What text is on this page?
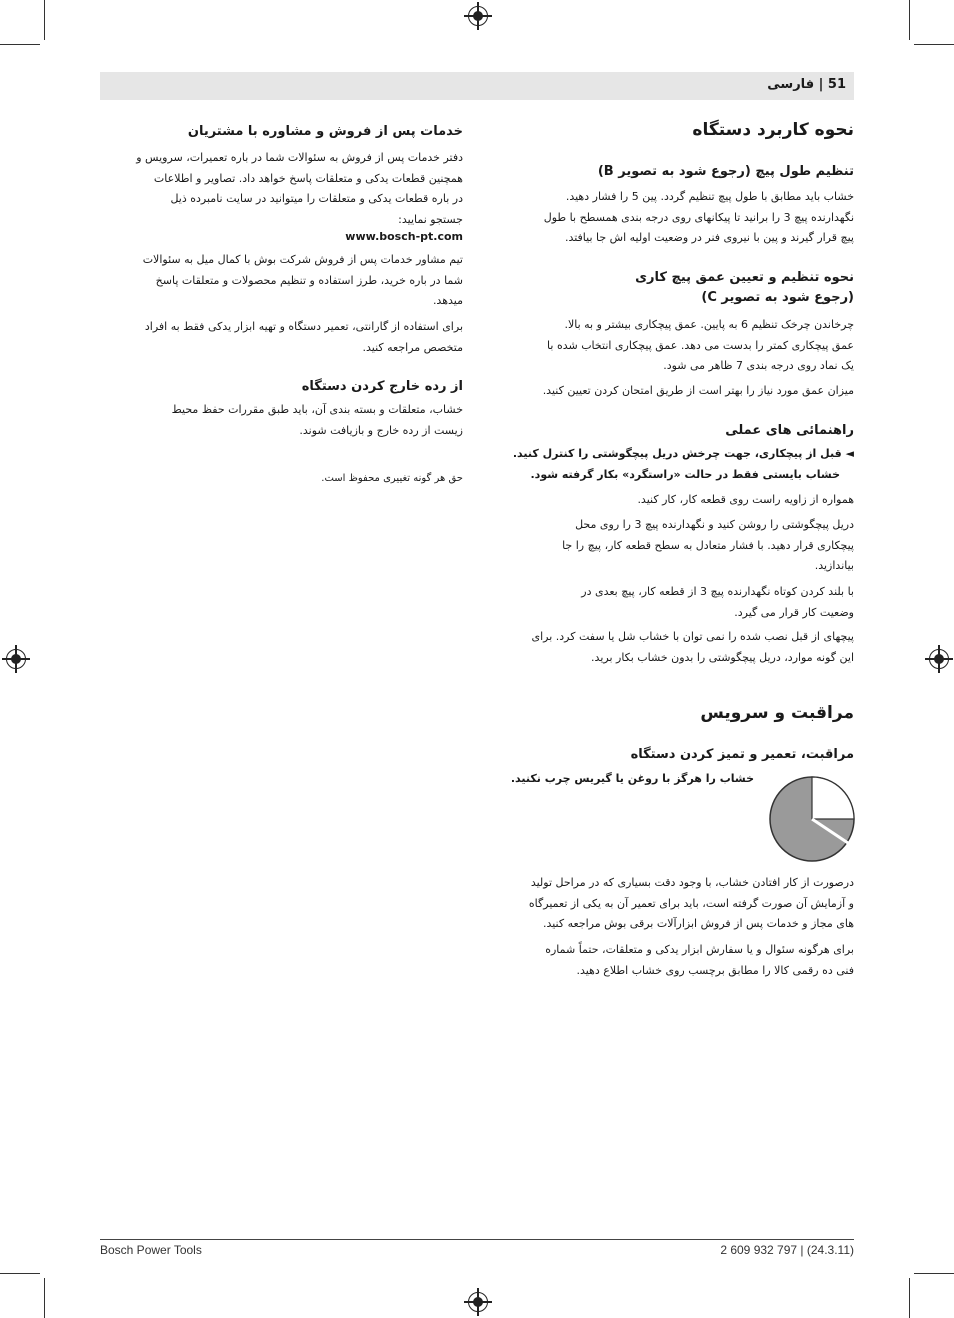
51 | فارسی
نحوه کاربرد دستگاه
تنظیم طول پیچ (رجوع شود به تصویر B)
خشاب باید مطابق با طول پیچ تنظیم گردد. پین 5 را فشار دهید.
نگهدارنده پیچ 3 را برانید تا پیکانهای روی درجه بندی همسطح با طول
پیچ قرار گیرند و پین با نیروی فنر در وضعیت اولیه اش جا بیافتد.
نحوه تنظیم و تعیین عمق پیچ کاری
(رجوع شود به تصویر C)
چرخاندن چرخک تنظیم 6 به پایین. عمق پیچکاری بیشتر و به بالا.
عمق پیچکاری کمتر را بدست می دهد. عمق پیچکاری انتخاب شده با
یک نماد روی درجه بندی 7 ظاهر می شود.
میزان عمق مورد نیاز را بهتر است از طریق امتحان کردن تعیین کنید.
راهنمائی های عملی
◄ قبل از پیچکاری، جهت چرخش دریل پیچگوشتی را کنترل کنید.
خشاب بایستی فقط در حالت «راستگرد» بکار گرفته شود.
همواره از زاویه راست روی قطعه کار، کار کنید.
دریل پیچگوشتی را روشن کنید و نگهدارنده پیچ 3 را روی محل
پیچکاری قرار دهید. با فشار متعادل به سطح قطعه کار، پیچ را جا
بیاندازید.
با بلند کردن کوتاه نگهدارنده پیچ 3 از قطعه کار، پیچ بعدی در
وضعیت کار قرار می گیرد.
پیچهای از قبل نصب شده را نمی توان با خشاب شل یا سفت کرد. برای
این گونه موارد، دریل پیچگوشتی را بدون خشاب بکار برید.
مراقبت و سرویس
مراقبت، تعمیر و تمیز کردن دستگاه
خشاب را هرگز با روغن یا گیریس چرب نکنید.
درصورت از کار افتادن خشاب، با وجود دقت بسیاری که در مراحل تولید
و آزمایش آن صورت گرفته است، باید برای تعمیر آن به یکی از تعمیرگاه
های مجاز و خدمات پس از فروش ابزارآلات برقی بوش مراجعه کنید.
برای هرگونه سئوال و یا سفارش ابزار یدکی و متعلقات، حتماً شماره
فنی ده رقمی کالا را مطابق برچسب روی خشاب اطلاع دهید.
خدمات پس از فروش و مشاوره با مشتریان
دفتر خدمات پس از فروش به سئوالات شما در باره تعمیرات، سرویس و
همچنین قطعات یدکی و متعلقات پاسخ خواهد داد. تصاویر و اطلاعات
در باره قطعات یدکی و متعلقات را میتوانید در سایت نامبرده ذیل
جستجو نمایید:
www.bosch-pt.com
تیم مشاور خدمات پس از فروش شرکت بوش با کمال میل به سئوالات
شما در باره خرید، طرز استفاده و تنظیم محصولات و متعلقات پاسخ
میدهد.
برای استفاده از گارانتی، تعمیر دستگاه و تهیه ابزار یدکی فقط به افراد
متخصص مراجعه کنید.
از رده خارج کردن دستگاه
خشاب، متعلقات و بسته بندی آن، باید طبق مقررات حفظ محیط
زیست از رده خارج و بازیافت شوند.
حق هر گونه تغییری محفوظ است.
Bosch Power Tools	2 609 932 797 | (24.3.11)
